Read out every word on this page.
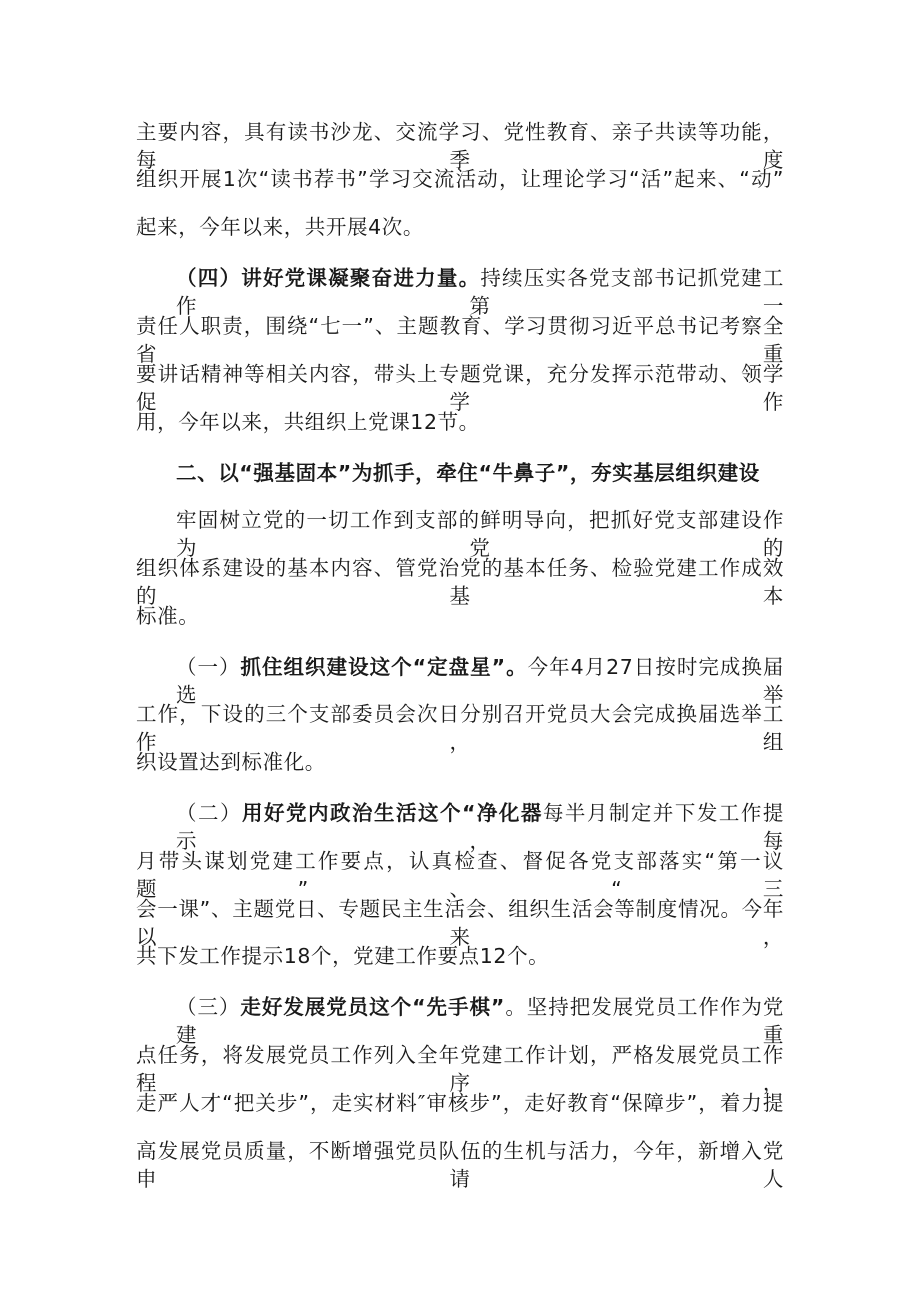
主要内容，具有读书沙龙、交流学习、党性教育、亲子共读等功能，每季度

组织开展1次“读书荐书”学习交流活动，让理论学习“活”起来、“动”

起来，今年以来，共开展4次。

（四）讲好党课凝聚奋进力量。持续压实各党支部书记抓党建工作第一

责任人职责，围绕“七一”、主题教育、学习贯彻习近平总书记考察全省重

要讲话精神等相关内容，带头上专题党课，充分发挥示范带动、领学促学作

用，今年以来，共组织上党课12节。

二、以“强基固本”为抓手，牵住“牛鼻子”，夯实基层组织建设

牢固树立党的一切工作到支部的鲜明导向，把抓好党支部建设作为党的

组织体系建设的基本内容、管党治党的基本任务、检验党建工作成效的基本

标准。

（一）抓住组织建设这个“定盘星”。今年4月27日按时完成换届选举

工作，下设的三个支部委员会次日分别召开党员大会完成换届选举工作，组

织设置达到标准化。

（二）用好党内政治生活这个“净化器每半月制定并下发工作提示，每

月带头谋划党建工作要点，认真检查、督促各党支部落实“第一议题”、“三

会一课”、主题党日、专题民主生活会、组织生活会等制度情况。今年以来，

共下发工作提示18个，党建工作要点12个。

（三）走好发展党员这个“先手棋”。坚持把发展党员工作作为党建重

点任务，将发展党员工作列入全年党建工作计划，严格发展党员工作程序，

走严人才“把关步”，走实材料″审核步”，走好教育“保障步”，着力提

高发展党员质量，不断增强党员队伍的生机与活力，今年，新增入党申请人
